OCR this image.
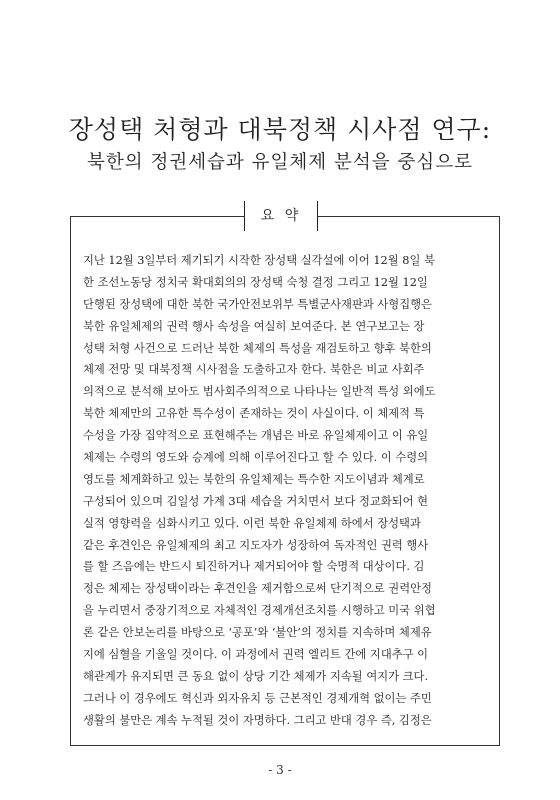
장성택 처형과 대북정책 시사점 연구:
북한의 정권세습과 유일체제 분석을 중심으로
요 약
지난 12월 3일부터 제기되기 시작한 장성택 실각설에 이어 12월 8일 북
한 조선노동당 정치국 확대회의의 장성택 숙청 결정 그리고 12월 12일
단행된 장성택에 대한 북한 국가안전보위부 특별군사재판과 사형집행은
북한 유일체제의 권력 행사 속성을 여실히 보여준다. 본 연구보고는 장
성택 처형 사건으로 드러난 북한 체제의 특성을 재검토하고 향후 북한의
체제 전망 및 대북정책 시사점을 도출하고자 한다. 북한은 비교 사회주
의적으로 분석해 보아도 범사회주의적으로 나타나는 일반적 특성 외에도
북한 체제만의 고유한 특수성이 존재하는 것이 사실이다. 이 체제적 특
수성을 가장 집약적으로 표현해주는 개념은 바로 유일체제이고 이 유일
체제는 수령의 영도와 승계에 의해 이루어진다고 할 수 있다. 이 수령의
영도를 체계화하고 있는 북한의 유일체제는 특수한 지도이념과 체계로
구성되어 있으며 김일성 가계 3대 세습을 거치면서 보다 정교화되어 현
실적 영향력을 심화시키고 있다. 이런 북한 유일체제 하에서 장성택과
같은 후견인은 유일체제의 최고 지도자가 성장하여 독자적인 권력 행사
를 할 즈음에는 반드시 퇴진하거나 제거되어야 할 숙명적 대상이다. 김
정은 체제는 장성택이라는 후견인을 제거함으로써 단기적으로 권력안정
을 누리면서 중장기적으로 자체적인 경제개선조치를 시행하고 미국 위협
론 같은 안보논리를 바탕으로 ‘공포’와 ‘불안’의 정치를 지속하며 체제유
지에 심혈을 기울일 것이다. 이 과정에서 권력 엘리트 간에 지대추구 이
해관계가 유지되면 큰 동요 없이 상당 기간 체제가 지속될 여지가 크다.
그러나 이 경우에도 혁신과 외자유치 등 근본적인 경제개혁 없이는 주민
생활의 불만은 계속 누적될 것이 자명하다. 그리고 반대 경우 즉, 김정은
- 3 -
